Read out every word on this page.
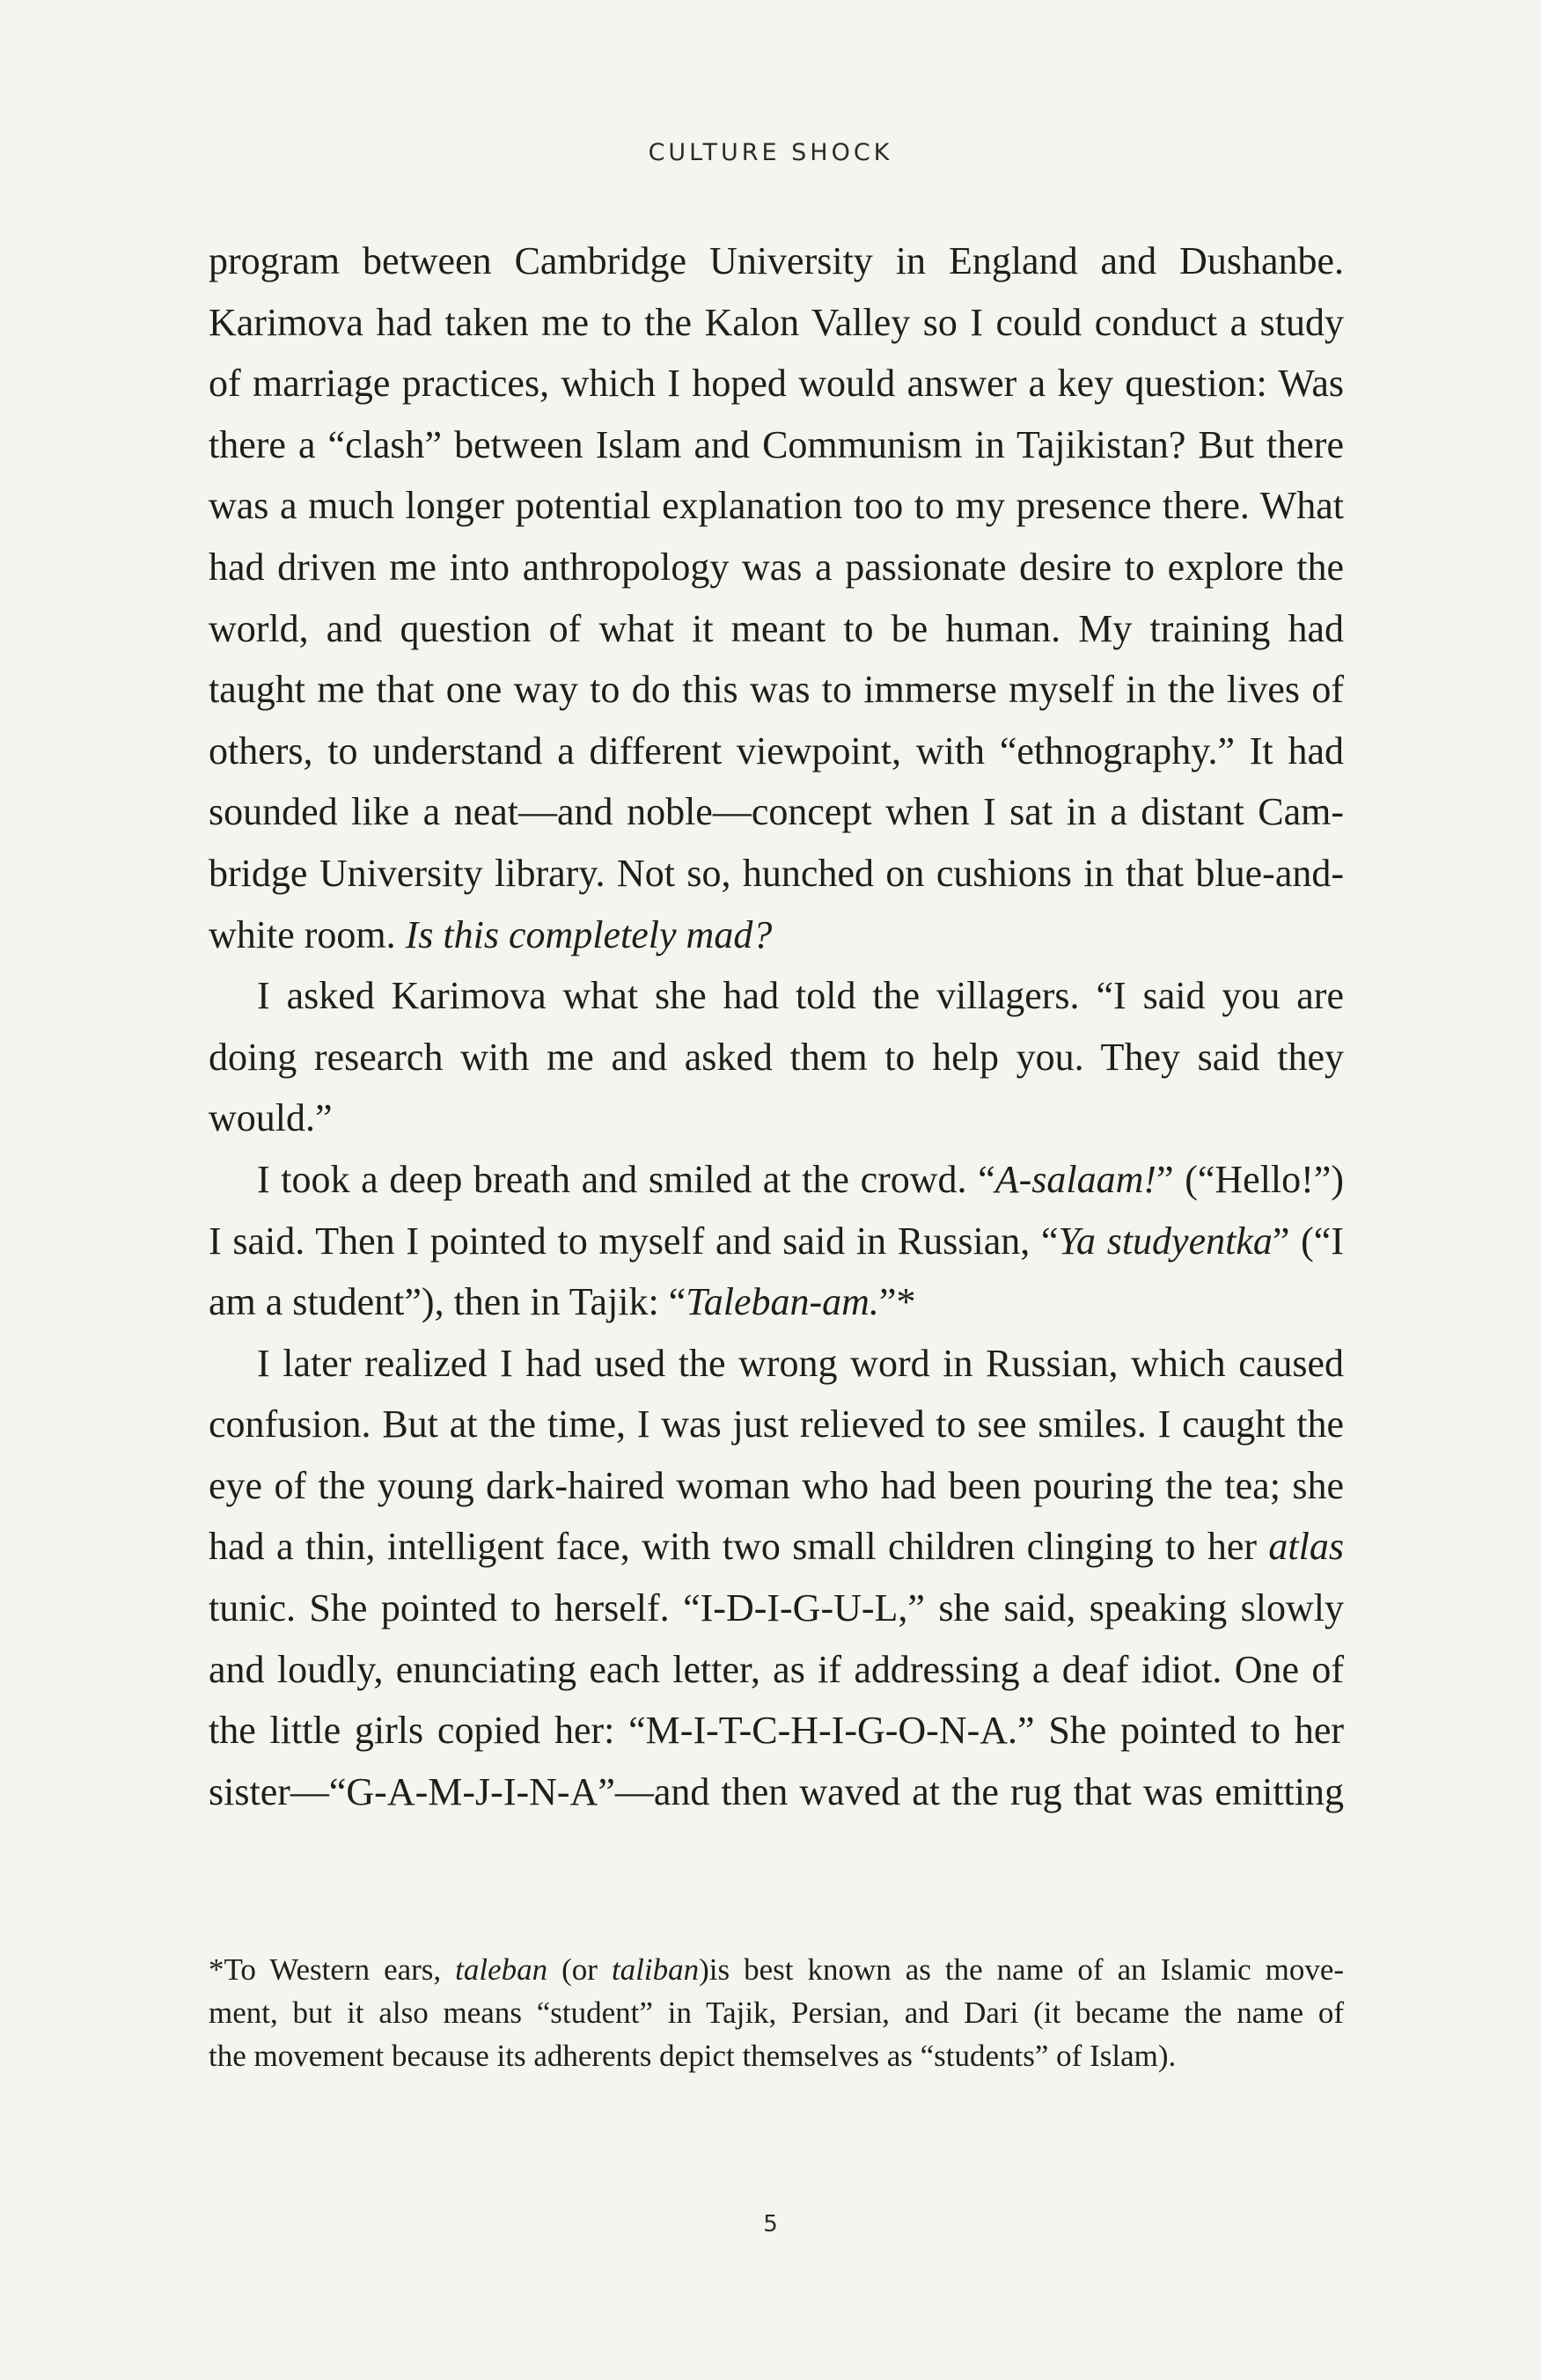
CULTURE SHOCK
program between Cambridge University in England and Dushanbe.
Karimova had taken me to the Kalon Valley so I could conduct a study
of marriage practices, which I hoped would answer a key question: Was
there a “clash” between Islam and Communism in Tajikistan? But there
was a much longer potential explanation too to my presence there. What
had driven me into anthropology was a passionate desire to explore the
world, and question of what it meant to be human. My training had
taught me that one way to do this was to immerse myself in the lives of
others, to understand a different viewpoint, with “ethnography.” It had
sounded like a neat—and noble—concept when I sat in a distant Cam-
bridge University library. Not so, hunched on cushions in that blue-and-
white room. Is this completely mad?
I asked Karimova what she had told the villagers. “I said you are
doing research with me and asked them to help you. They said they
would.”
I took a deep breath and smiled at the crowd. “A-salaam!” (“Hello!”)
I said. Then I pointed to myself and said in Russian, “Ya studyentka” (“I
am a student”), then in Tajik: “Taleban-am.”*
I later realized I had used the wrong word in Russian, which caused
confusion. But at the time, I was just relieved to see smiles. I caught the
eye of the young dark-haired woman who had been pouring the tea; she
had a thin, intelligent face, with two small children clinging to her atlas
tunic. She pointed to herself. “I-D-I-G-U-L,” she said, speaking slowly
and loudly, enunciating each letter, as if addressing a deaf idiot. One of
the little girls copied her: “M-I-T-C-H-I-G-O-N-A.” She pointed to her
sister—“G-A-M-J-I-N-A”—and then waved at the rug that was emitting
*To Western ears, taleban (or taliban)is best known as the name of an Islamic move-
ment, but it also means “student” in Tajik, Persian, and Dari (it became the name of
the movement because its adherents depict themselves as “students” of Islam).
5
